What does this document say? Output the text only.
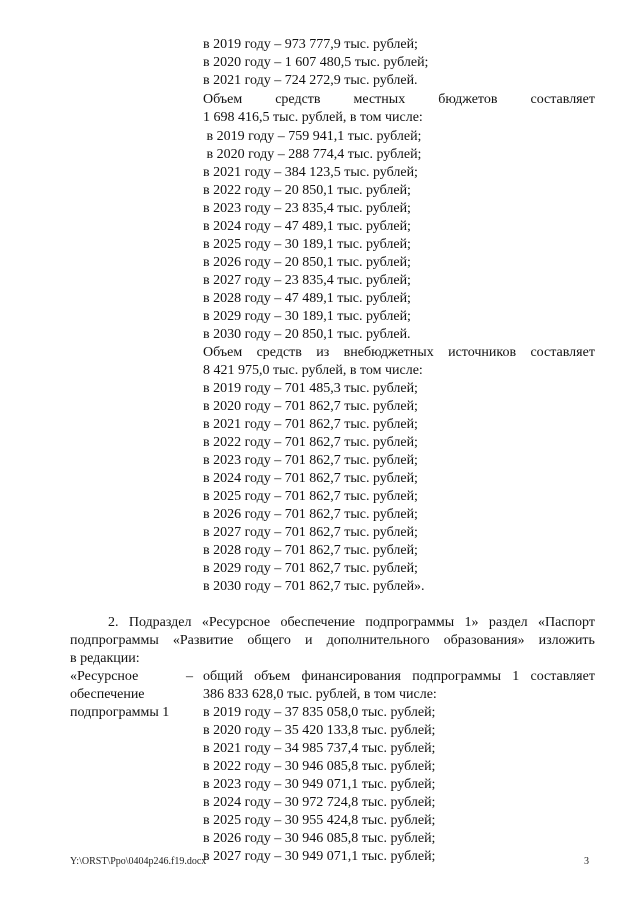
в 2019 году – 973 777,9 тыс. рублей;
в 2020 году – 1 607 480,5 тыс. рублей;
в 2021 году – 724 272,9 тыс. рублей.
Объем средств местных бюджетов составляет
1 698 416,5 тыс. рублей, в том числе:
в 2019 году – 759 941,1 тыс. рублей;
в 2020 году – 288 774,4 тыс. рублей;
в 2021 году – 384 123,5 тыс. рублей;
в 2022 году – 20 850,1 тыс. рублей;
в 2023 году – 23 835,4 тыс. рублей;
в 2024 году – 47 489,1 тыс. рублей;
в 2025 году – 30 189,1 тыс. рублей;
в 2026 году – 20 850,1 тыс. рублей;
в 2027 году – 23 835,4 тыс. рублей;
в 2028 году – 47 489,1 тыс. рублей;
в 2029 году – 30 189,1 тыс. рублей;
в 2030 году – 20 850,1 тыс. рублей.
Объем средств из внебюджетных источников составляет
8 421 975,0 тыс. рублей, в том числе:
в 2019 году – 701 485,3 тыс. рублей;
в 2020 году – 701 862,7 тыс. рублей;
в 2021 году – 701 862,7 тыс. рублей;
в 2022 году – 701 862,7 тыс. рублей;
в 2023 году – 701 862,7 тыс. рублей;
в 2024 году – 701 862,7 тыс. рублей;
в 2025 году – 701 862,7 тыс. рублей;
в 2026 году – 701 862,7 тыс. рублей;
в 2027 году – 701 862,7 тыс. рублей;
в 2028 году – 701 862,7 тыс. рублей;
в 2029 году – 701 862,7 тыс. рублей;
в 2030 году – 701 862,7 тыс. рублей».
2. Подраздел «Ресурсное обеспечение подпрограммы 1» раздел «Паспорт
подпрограммы «Развитие общего и дополнительного образования» изложить
в редакции:
«Ресурсное
обеспечение
подпрограммы 1
– общий объем финансирования подпрограммы 1 составляет
386 833 628,0 тыс. рублей, в том числе:
в 2019 году – 37 835 058,0 тыс. рублей;
в 2020 году – 35 420 133,8 тыс. рублей;
в 2021 году – 34 985 737,4 тыс. рублей;
в 2022 году – 30 946 085,8 тыс. рублей;
в 2023 году – 30 949 071,1 тыс. рублей;
в 2024 году – 30 972 724,8 тыс. рублей;
в 2025 году – 30 955 424,8 тыс. рублей;
в 2026 году – 30 946 085,8 тыс. рублей;
в 2027 году – 30 949 071,1 тыс. рублей;
Y:\ORST\Ppo\0404p246.f19.docx	3
